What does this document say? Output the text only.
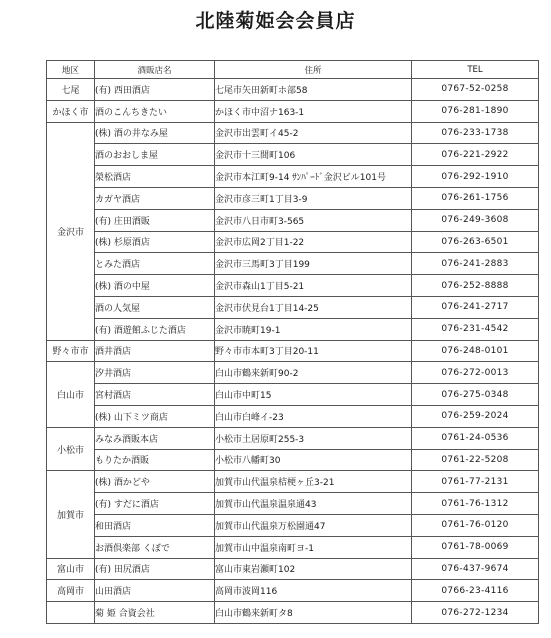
北陸菊姫会会員店
地区	酒販店名	住所	TEL
七尾	(有) 西田酒店	七尾市矢田新町ホ部58	0767-52-0258
かほく市	酒のこんちきたい	かほく市中沼ナ163-1	076-281-1890
金沢市	(株) 酒の井なみ屋	金沢市出雲町イ45-2	076-233-1738
	酒のおおしま屋	金沢市十三間町106	076-221-2922
	榮松酒店	金沢市本江町9-14 ｻﾝﾊﾟｰﾄﾞ金沢ビル101号	076-292-1910
	カガヤ酒店	金沢市彦三町1丁目3-9	076-261-1756
	(有) 庄田酒販	金沢市八日市町3-565	076-249-3608
	(株) 杉原酒店	金沢市広岡2丁目1-22	076-263-6501
	とみた酒店	金沢市三馬町3丁目199	076-241-2883
	(株) 酒の中屋	金沢市森山1丁目5-21	076-252-8888
	酒の人気屋	金沢市伏見台1丁目14-25	076-241-2717
	(有) 酒遊館ふじた酒店	金沢市暁町19-1	076-231-4542
野々市市	酒井酒店	野々市市本町3丁目20-11	076-248-0101
白山市	汐井酒店	白山市鶴来新町90-2	076-272-0013
	宮村酒店	白山市中町15	076-275-0348
	(株) 山下ミツ商店	白山市白峰イ-23	076-259-2024
小松市	みなみ酒販本店	小松市土居原町255-3	0761-24-0536
	もりたか酒販	小松市八幡町30	0761-22-5208
加賀市	(株) 酒かどや	加賀市山代温泉桔梗ヶ丘3-21	0761-77-2131
	(有) すだに酒店	加賀市山代温泉温泉通43	0761-76-1312
	和田酒店	加賀市山代温泉万松園通47	0761-76-0120
	お酒倶楽部 くぼで	加賀市山中温泉南町ヨ-1	0761-78-0069
富山市	(有) 田尻酒店	富山市東岩瀬町102	076-437-9674
高岡市	山田酒店	高岡市波岡116	0766-23-4116
	菊 姫 合資会社	白山市鶴来新町タ8	076-272-1234
